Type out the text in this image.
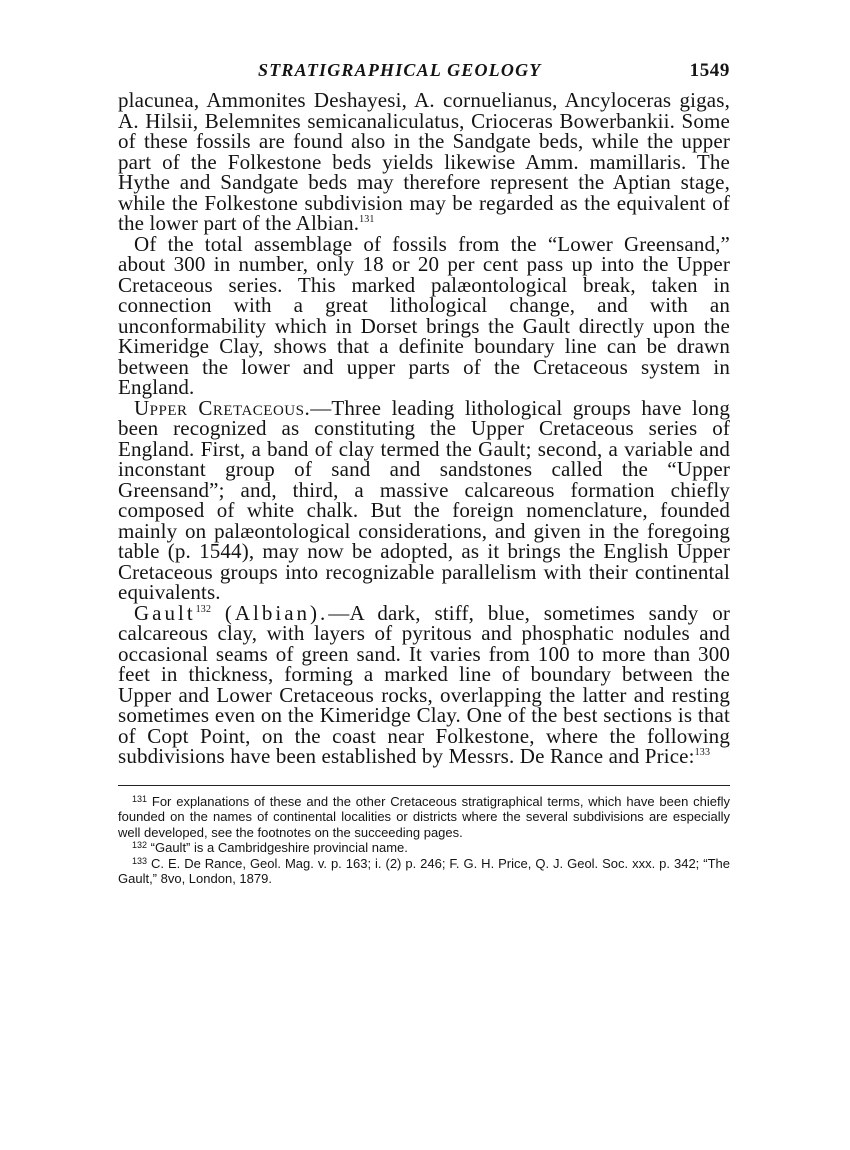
STRATIGRAPHICAL GEOLOGY	1549

placunea, Ammonites Deshayesi, A. cornuelianus, Ancyloceras gigas, A. Hilsii, Belemnites semicanaliculatus, Crioceras Bowerbankii. Some of these fossils are found also in the Sandgate beds, while the upper part of the Folkestone beds yields likewise Amm. mamillaris. The Hythe and Sandgate beds may therefore represent the Aptian stage, while the Folkestone subdivision may be regarded as the equivalent of the lower part of the Albian.$^{131}$

Of the total assemblage of fossils from the “Lower Greensand,” about 300 in number, only 18 or 20 per cent pass up into the Upper Cretaceous series. This marked palæontological break, taken in connection with a great lithological change, and with an unconformability which in Dorset brings the Gault directly upon the Kimeridge Clay, shows that a definite boundary line can be drawn between the lower and upper parts of the Cretaceous system in England.

Upper Cretaceous.—Three leading lithological groups have long been recognized as constituting the Upper Cretaceous series of England. First, a band of clay termed the Gault; second, a variable and inconstant group of sand and sandstones called the “Upper Greensand”; and, third, a massive calcareous formation chiefly composed of white chalk. But the foreign nomenclature, founded mainly on palæontological considerations, and given in the foregoing table (p. 1544), may now be adopted, as it brings the English Upper Cretaceous groups into recognizable parallelism with their continental equivalents.

Gault$^{132}$ (Albian).—A dark, stiff, blue, sometimes sandy or calcareous clay, with layers of pyritous and phosphatic nodules and occasional seams of green sand. It varies from 100 to more than 300 feet in thickness, forming a marked line of boundary between the Upper and Lower Cretaceous rocks, overlapping the latter and resting sometimes even on the Kimeridge Clay. One of the best sections is that of Copt Point, on the coast near Folkestone, where the following subdivisions have been established by Messrs. De Rance and Price:$^{133}$

$^{131}$ For explanations of these and the other Cretaceous stratigraphical terms, which have been chiefly founded on the names of continental localities or districts where the several subdivisions are especially well developed, see the footnotes on the succeeding pages.

$^{132}$ “Gault” is a Cambridgeshire provincial name.

$^{133}$ C. E. De Rance, Geol. Mag. v. p. 163; i. (2) p. 246; F. G. H. Price, Q. J. Geol. Soc. xxx. p. 342; “The Gault,” 8vo, London, 1879.
